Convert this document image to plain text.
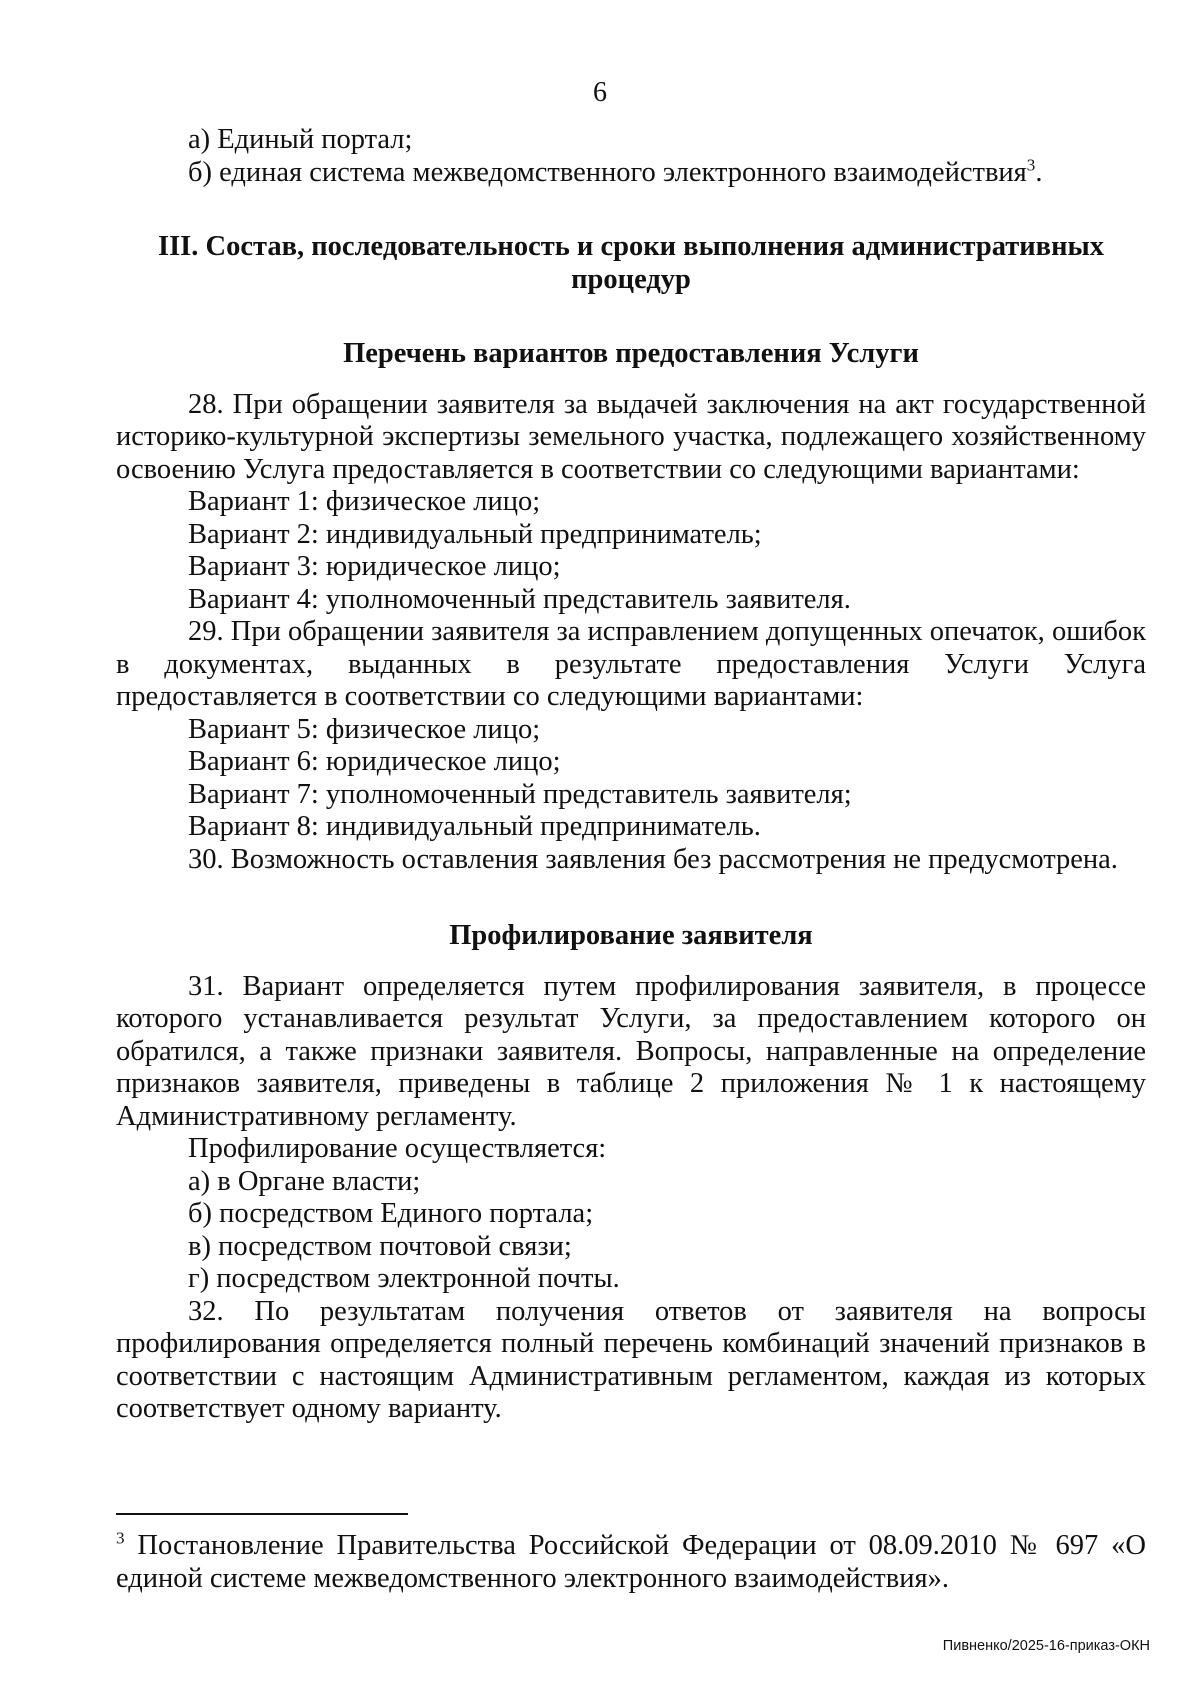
6

а) Единый портал;

б) единая система межведомственного электронного взаимодействия$^3$.

III. Состав, последовательность и сроки выполнения административных

процедур

Перечень вариантов предоставления Услуги

28. При обращении заявителя за выдачей заключения на акт государственной историко-культурной экспертизы земельного участка, подлежащего хозяйственному освоению Услуга предоставляется в соответствии со следующими вариантами:

Вариант 1: физическое лицо;

Вариант 2: индивидуальный предприниматель;

Вариант 3: юридическое лицо;

Вариант 4: уполномоченный представитель заявителя.

29. При обращении заявителя за исправлением допущенных опечаток, ошибок в документах, выданных в результате предоставления Услуги Услуга предоставляется в соответствии со следующими вариантами:

Вариант 5: физическое лицо;

Вариант 6: юридическое лицо;

Вариант 7: уполномоченный представитель заявителя;

Вариант 8: индивидуальный предприниматель.

30. Возможность оставления заявления без рассмотрения не предусмотрена.

Профилирование заявителя

31. Вариант определяется путем профилирования заявителя, в процессе которого устанавливается результат Услуги, за предоставлением которого он обратился, а также признаки заявителя. Вопросы, направленные на определение признаков заявителя, приведены в таблице 2 приложения № 1 к настоящему Административному регламенту.

Профилирование осуществляется:

а) в Органе власти;

б) посредством Единого портала;

в) посредством почтовой связи;

г) посредством электронной почты.

32. По результатам получения ответов от заявителя на вопросы профилирования определяется полный перечень комбинаций значений признаков в соответствии с настоящим Административным регламентом, каждая из которых соответствует одному варианту.

$^3$ Постановление Правительства Российской Федерации от 08.09.2010 № 697 «О единой системе межведомственного электронного взаимодействия».

Пивненко/2025-16-приказ-ОКН
